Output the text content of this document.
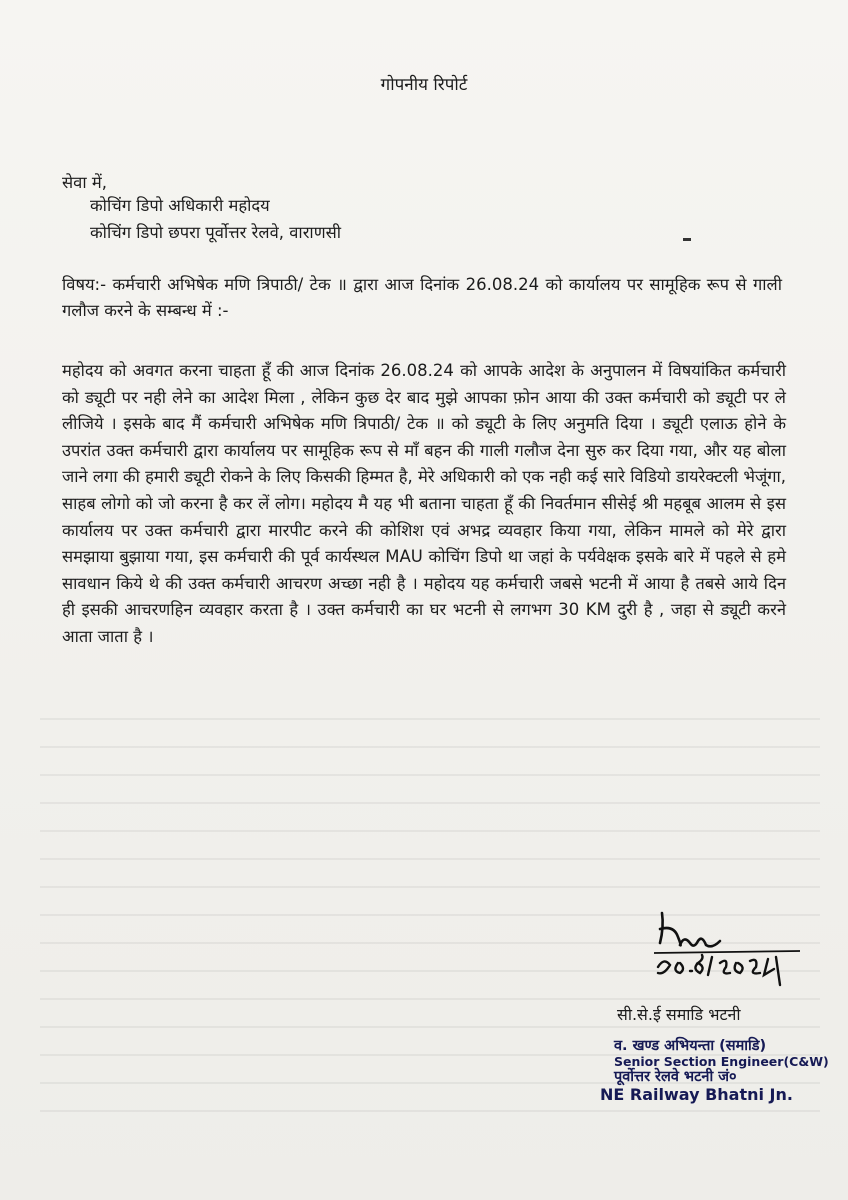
गोपनीय रिपोर्ट
सेवा में,
कोचिंग डिपो अधिकारी महोदय
कोचिंग डिपो छपरा पूर्वोत्तर रेलवे, वाराणसी
विषय:- कर्मचारी अभिषेक मणि त्रिपाठी/ टेक ॥ द्वारा आज दिनांक 26.08.24 को कार्यालय पर सामूहिक रूप से गाली गलौज करने के सम्बन्ध में :-
महोदय को अवगत करना चाहता हूँ की आज दिनांक 26.08.24 को आपके आदेश के अनुपालन में विषयांकित कर्मचारी को ड्यूटी पर नही लेने का आदेश मिला , लेकिन कुछ देर बाद मुझे आपका फ़ोन आया की उक्त कर्मचारी को ड्यूटी पर ले लीजिये । इसके बाद मैं कर्मचारी अभिषेक मणि त्रिपाठी/ टेक ॥ को ड्यूटी के लिए अनुमति दिया । ड्यूटी एलाऊ होने के उपरांत उक्त कर्मचारी द्वारा कार्यालय पर सामूहिक रूप से माँ बहन की गाली गलौज देना सुरु कर दिया गया, और यह बोला जाने लगा की हमारी ड्यूटी रोकने के लिए किसकी हिम्मत है, मेरे अधिकारी को एक नही कई सारे विडियो डायरेक्टली भेजूंगा, साहब लोगो को जो करना है कर लें लोग। महोदय मै यह भी बताना चाहता हूँ की निवर्तमान सीसेई श्री महबूब आलम से इस कार्यालय पर उक्त कर्मचारी द्वारा मारपीट करने की कोशिश एवं अभद्र व्यवहार किया गया, लेकिन मामले को मेरे द्वारा समझाया बुझाया गया, इस कर्मचारी की पूर्व कार्यस्थल MAU कोचिंग डिपो था जहां के पर्यवेक्षक इसके बारे में पहले से हमे सावधान किये थे की उक्त कर्मचारी आचरण अच्छा नही है । महोदय यह कर्मचारी जबसे भटनी में आया है तबसे आये दिन ही इसकी आचरणहिन व्यवहार करता है । उक्त कर्मचारी का घर भटनी से लगभग 30 KM दुरी है , जहा से ड्यूटी करने आता जाता है ।
सी.से.ई समाडि भटनी
व. खण्ड अभियन्ता (समाडि)
Senior Section Engineer(C&W)
पूर्वोत्तर रेलवे भटनी जं०
NE Railway Bhatni Jn.
